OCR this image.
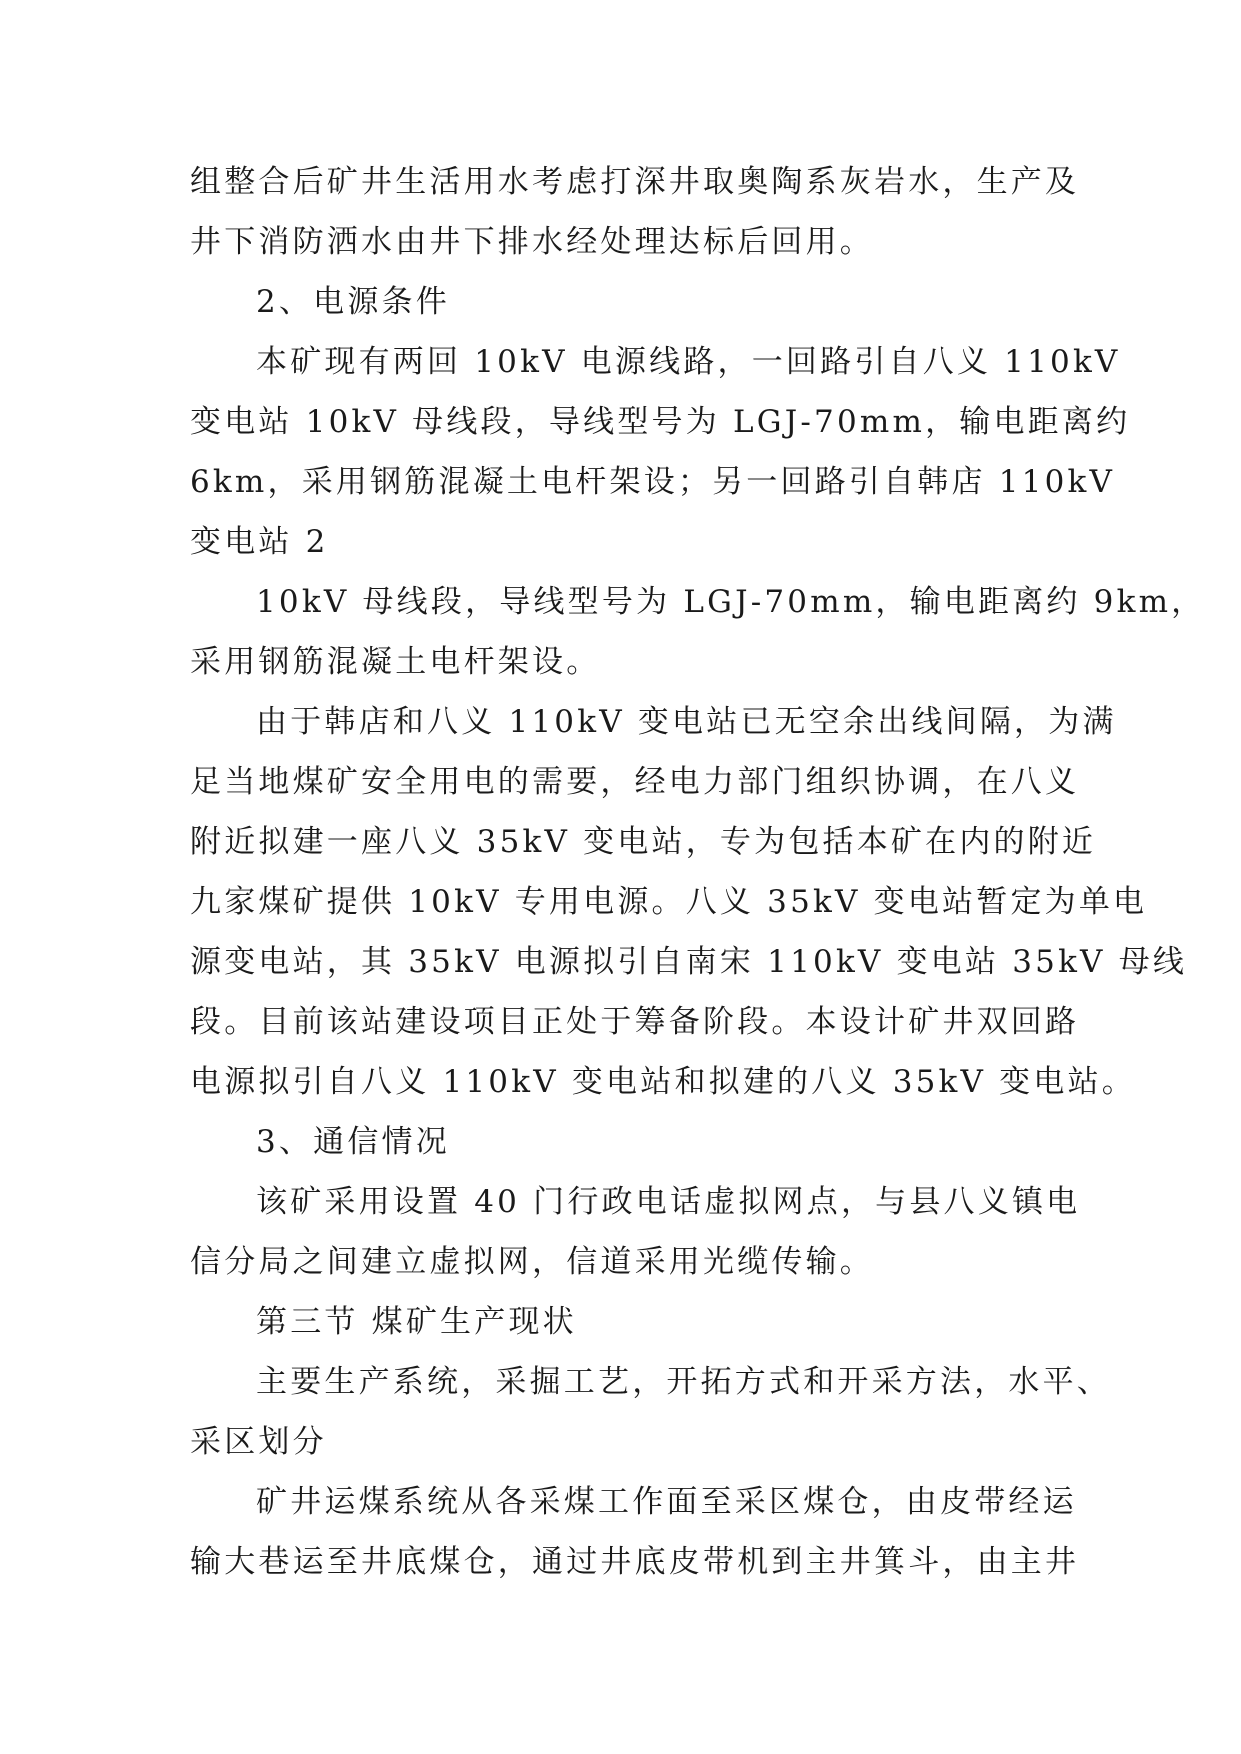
组整合后矿井生活用水考虑打深井取奥陶系灰岩水，生产及
井下消防洒水由井下排水经处理达标后回用。
2、电源条件
本矿现有两回 10kV 电源线路，一回路引自八义 110kV
变电站 10kV 母线段，导线型号为 LGJ-70mm，输电距离约
6km，采用钢筋混凝土电杆架设；另一回路引自韩店 110kV
变电站 2
10kV 母线段，导线型号为 LGJ-70mm，输电距离约 9km，
采用钢筋混凝土电杆架设。
由于韩店和八义 110kV 变电站已无空余出线间隔，为满
足当地煤矿安全用电的需要，经电力部门组织协调，在八义
附近拟建一座八义 35kV 变电站，专为包括本矿在内的附近
九家煤矿提供 10kV 专用电源。八义 35kV 变电站暂定为单电
源变电站，其 35kV 电源拟引自南宋 110kV 变电站 35kV 母线
段。目前该站建设项目正处于筹备阶段。本设计矿井双回路
电源拟引自八义 110kV 变电站和拟建的八义 35kV 变电站。
3、通信情况
该矿采用设置 40 门行政电话虚拟网点，与县八义镇电
信分局之间建立虚拟网，信道采用光缆传输。
第三节 煤矿生产现状
主要生产系统，采掘工艺，开拓方式和开采方法，水平、
采区划分
矿井运煤系统从各采煤工作面至采区煤仓，由皮带经运
输大巷运至井底煤仓，通过井底皮带机到主井箕斗，由主井
